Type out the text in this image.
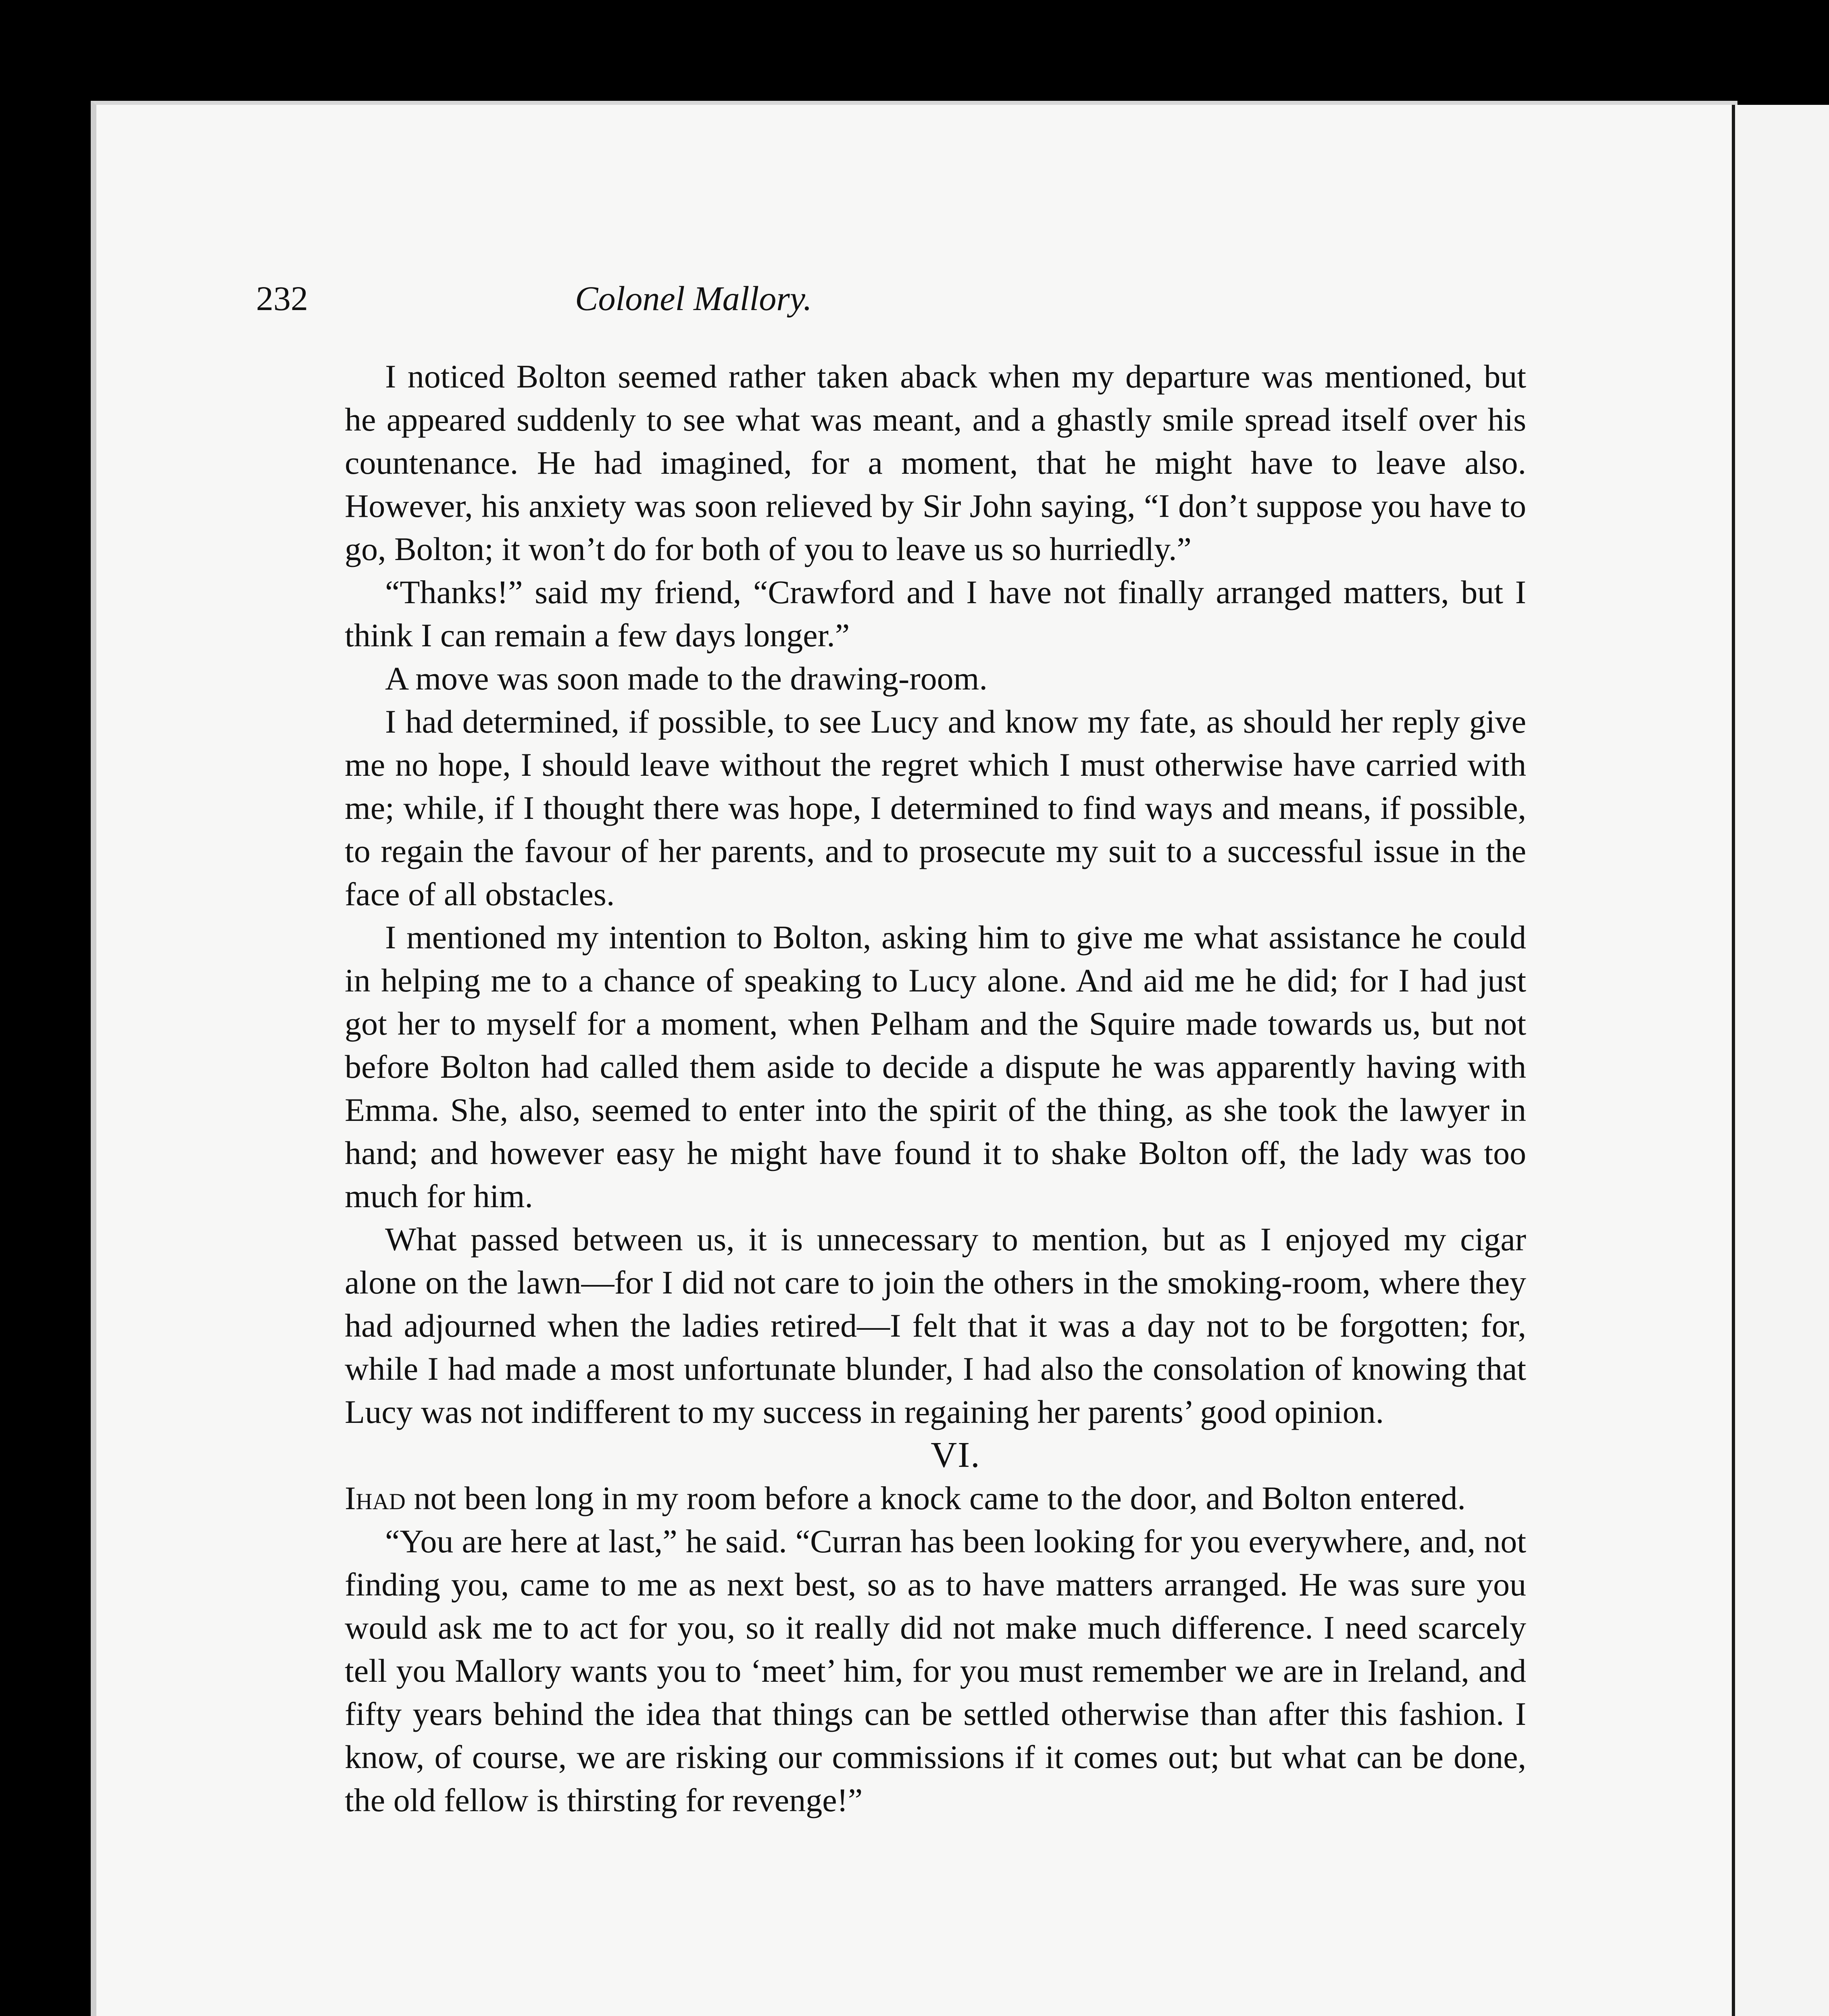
232	Colonel Mallory.

I noticed Bolton seemed rather taken aback when my departure was mentioned, but he appeared suddenly to see what was meant, and a ghastly smile spread itself over his countenance. He had imagined, for a moment, that he might have to leave also. However, his anxiety was soon relieved by Sir John saying, “I don’t suppose you have to go, Bolton; it won’t do for both of you to leave us so hurriedly.”

“Thanks!” said my friend, “Crawford and I have not finally arranged matters, but I think I can remain a few days longer.”

A move was soon made to the drawing-room.

I had determined, if possible, to see Lucy and know my fate, as should her reply give me no hope, I should leave without the regret which I must otherwise have carried with me; while, if I thought there was hope, I determined to find ways and means, if possible, to regain the favour of her parents, and to prosecute my suit to a successful issue in the face of all obstacles.

I mentioned my intention to Bolton, asking him to give me what assistance he could in helping me to a chance of speaking to Lucy alone. And aid me he did; for I had just got her to myself for a moment, when Pelham and the Squire made towards us, but not before Bolton had called them aside to decide a dispute he was apparently having with Emma. She, also, seemed to enter into the spirit of the thing, as she took the lawyer in hand; and however easy he might have found it to shake Bolton off, the lady was too much for him.

What passed between us, it is unnecessary to mention, but as I enjoyed my cigar alone on the lawn—for I did not care to join the others in the smoking-room, where they had adjourned when the ladies retired—I felt that it was a day not to be forgotten; for, while I had made a most unfortunate blunder, I had also the consolation of knowing that Lucy was not indifferent to my success in regaining her parents’ good opinion.

VI.

Ihad not been long in my room before a knock came to the door, and Bolton entered.

“You are here at last,” he said. “Curran has been looking for you everywhere, and, not finding you, came to me as next best, so as to have matters arranged. He was sure you would ask me to act for you, so it really did not make much difference. I need scarcely tell you Mallory wants you to ‘meet’ him, for you must remember we are in Ireland, and fifty years behind the idea that things can be settled otherwise than after this fashion. I know, of course, we are risking our commissions if it comes out; but what can be done, the old fellow is thirsting for revenge!”
